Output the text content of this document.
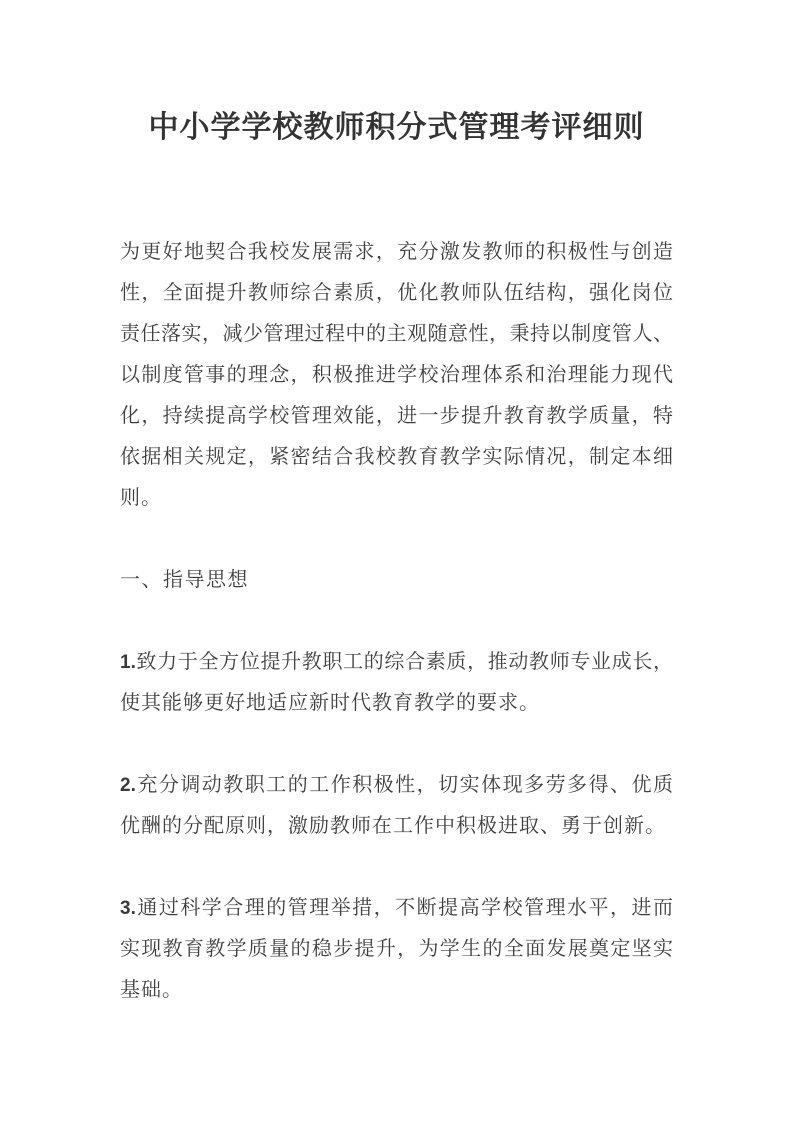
中小学学校教师积分式管理考评细则
为更好地契合我校发展需求，充分激发教师的积极性与创造
性，全面提升教师综合素质，优化教师队伍结构，强化岗位
责任落实，减少管理过程中的主观随意性，秉持以制度管人、
以制度管事的理念，积极推进学校治理体系和治理能力现代
化，持续提高学校管理效能，进一步提升教育教学质量，特
依据相关规定，紧密结合我校教育教学实际情况，制定本细
则。
一、指导思想
1.致力于全方位提升教职工的综合素质，推动教师专业成长，
使其能够更好地适应新时代教育教学的要求。
2.充分调动教职工的工作积极性，切实体现多劳多得、优质
优酬的分配原则，激励教师在工作中积极进取、勇于创新。
3.通过科学合理的管理举措，不断提高学校管理水平，进而
实现教育教学质量的稳步提升，为学生的全面发展奠定坚实
基础。
